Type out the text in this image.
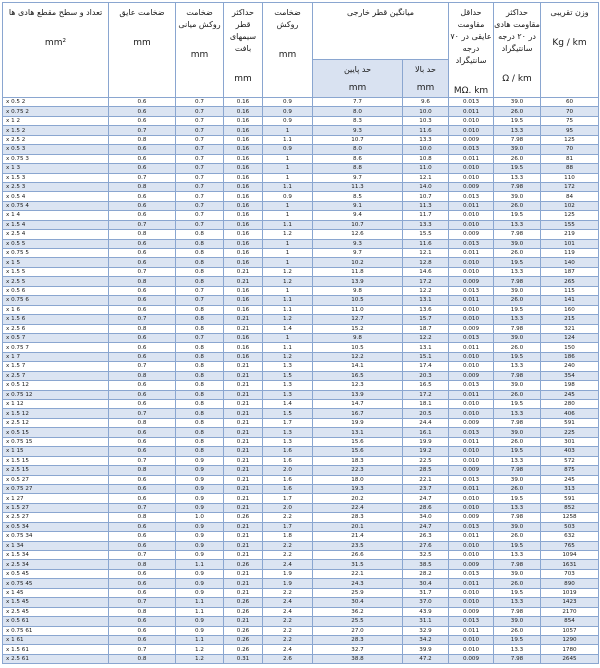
وزن تقریبی
Kg / km	حداکثر مقاومت هادی در ۲۰ درجه سانتیگراد
Ω / km	حداقل مقاومت عایقی در ۷۰ درجه سانتیگراد
MΩ. km	میانگین قطر خارجی		ضخامت روکش
mm	حداکثر قطر سیمهای بافت
mm	ضخامت روکش میانی
mm	ضخامت عایق
mm	تعداد و سطح مقطع هادی ها
mm²

			حد بالا
mm	حد پایین
mm					

60	39.0	0.013	9.6	7.7	0.9	0.16	0.7	0.6	2 x 0.5
70	26.0	0.011	10.0	8.0	0.9	0.16	0.7	0.6	2 x 0.75
75	19.5	0.010	10.3	8.3	0.9	0.16	0.7	0.6	2 x 1
95	13.3	0.010	11.6	9.3	1	0.16	0.7	0.7	2 x 1.5
125	7.98	0.009	13.3	10.7	1.1	0.16	0.7	0.8	2 x 2.5
70	39.0	0.013	10.0	8.0	0.9	0.16	0.7	0.6	3 x 0.5
81	26.0	0.011	10.8	8.6	1	0.16	0.7	0.6	3 x 0.75
88	19.5	0.010	11.0	8.8	1	0.16	0.7	0.6	3 x 1
110	13.3	0.010	12.1	9.7	1	0.16	0.7	0.7	3 x 1.5
172	7.98	0.009	14.0	11.3	1.1	0.16	0.7	0.8	3 x 2.5
84	39.0	0.013	10.7	8.5	0.9	0.16	0.7	0.6	4 x 0.5
102	26.0	0.011	11.3	9.1	1	0.16	0.7	0.6	4 x 0.75
125	19.5	0.010	11.7	9.4	1	0.16	0.7	0.6	4 x 1
155	13.3	0.010	13.3	10.7	1.1	0.16	0.7	0.7	4 x 1.5
219	7.98	0.009	15.5	12.6	1.2	0.16	0.8	0.8	4 x 2.5
101	39.0	0.013	11.6	9.3	1	0.16	0.8	0.6	5 x 0.5
119	26.0	0.011	12.1	9.7	1	0.16	0.8	0.6	5 x 0.75
140	19.5	0.010	12.8	10.2	1	0.16	0.8	0.6	5 x 1
187	13.3	0.010	14.6	11.8	1.2	0.21	0.8	0.7	5 x 1.5
265	7.98	0.009	17.2	13.9	1.2	0.21	0.8	0.8	5 x 2.5
115	39.0	0.013	12.2	9.8	1	0.16	0.7	0.6	6 x 0.5
141	26.0	0.011	13.1	10.5	1.1	0.16	0.7	0.6	6 x 0.75
160	19.5	0.010	13.6	11.0	1.1	0.16	0.8	0.6	6 x 1
215	13.3	0.010	15.7	12.7	1.2	0.21	0.8	0.7	6 x 1.5
321	7.98	0.009	18.7	15.2	1.4	0.21	0.8	0.8	6 x 2.5
124	39.0	0.013	12.2	9.8	1	0.16	0.7	0.6	7 x 0.5
150	26.0	0.011	13.1	10.5	1.1	0.16	0.8	0.6	7 x 0.75
186	19.5	0.010	15.1	12.2	1.2	0.16	0.8	0.6	7 x 1
240	13.3	0.010	17.4	14.1	1.3	0.21	0.8	0.7	7 x 1.5
354	7.98	0.009	20.3	16.5	1.5	0.21	0.8	0.8	7 x 2.5
198	39.0	0.013	16.5	12.3	1.3	0.21	0.8	0.6	12 x 0.5
245	26.0	0.011	17.2	13.9	1.3	0.21	0.8	0.6	12 x 0.75
280	19.5	0.010	18.1	14.7	1.4	0.21	0.8	0.6	12 x 1
406	13.3	0.010	20.5	16.7	1.5	0.21	0.8	0.7	12 x 1.5
591	7.98	0.009	24.4	19.9	1.7	0.21	0.8	0.8	12 x 2.5
225	39.0	0.013	16.1	13.1	1.3	0.21	0.8	0.6	15 x 0.5
301	26.0	0.011	19.9	15.6	1.3	0.21	0.8	0.6	15 x 0.75
403	19.5	0.010	19.2	15.6	1.6	0.21	0.8	0.6	15 x 1
572	13.3	0.010	22.5	18.3	1.6	0.21	0.9	0.7	15 x 1.5
875	7.98	0.009	28.5	22.3	2.0	0.21	0.9	0.8	15 x 2.5
245	39.0	0.013	22.1	18.0	1.6	0.21	0.9	0.6	27 x 0.5
313	26.0	0.011	23.7	19.3	1.6	0.21	0.9	0.6	27 x 0.75
591	19.5	0.010	24.7	20.2	1.7	0.21	0.9	0.6	27 x 1
852	13.3	0.010	28.6	22.4	2.0	0.21	0.9	0.7	27 x 1.5
1258	7.98	0.009	34.0	28.3	2.2	0.26	1.0	0.8	27 x 2.5
503	39.0	0.013	24.7	20.1	1.7	0.21	0.9	0.6	34 x 0.5
632	26.0	0.011	26.3	21.4	1.8	0.21	0.9	0.6	34 x 0.75
765	19.5	0.010	27.6	23.5	2.2	0.21	0.9	0.6	34 x 1
1094	13.3	0.010	32.5	26.6	2.2	0.21	0.9	0.7	34 x 1.5
1631	7.98	0.009	38.5	31.5	2.4	0.26	1.1	0.8	34 x 2.5
703	39.0	0.013	28.2	22.1	1.9	0.21	0.9	0.6	45 x 0.5
890	26.0	0.011	30.4	24.3	1.9	0.21	0.9	0.6	45 x 0.75
1019	19.5	0.010	31.7	25.9	2.2	0.21	0.9	0.6	45 x 1
1423	13.3	0.010	37.0	30.4	2.4	0.26	1.1	0.7	45 x 1.5
2170	7.98	0.009	43.9	36.2	2.4	0.26	1.1	0.8	45 x 2.5
854	39.0	0.013	31.1	25.5	2.2	0.21	0.9	0.6	61 x 0.5
1057	26.0	0.011	32.9	27.0	2.2	0.26	0.9	0.6	61 x 0.75
1290	19.5	0.010	34.2	28.3	2.2	0.26	1.1	0.6	61 x 1
1780	13.3	0.010	39.9	32.7	2.4	0.26	1.2	0.7	61 x 1.5
2645	7.98	0.009	47.2	38.8	2.6	0.31	1.2	0.8	61 x 2.5
